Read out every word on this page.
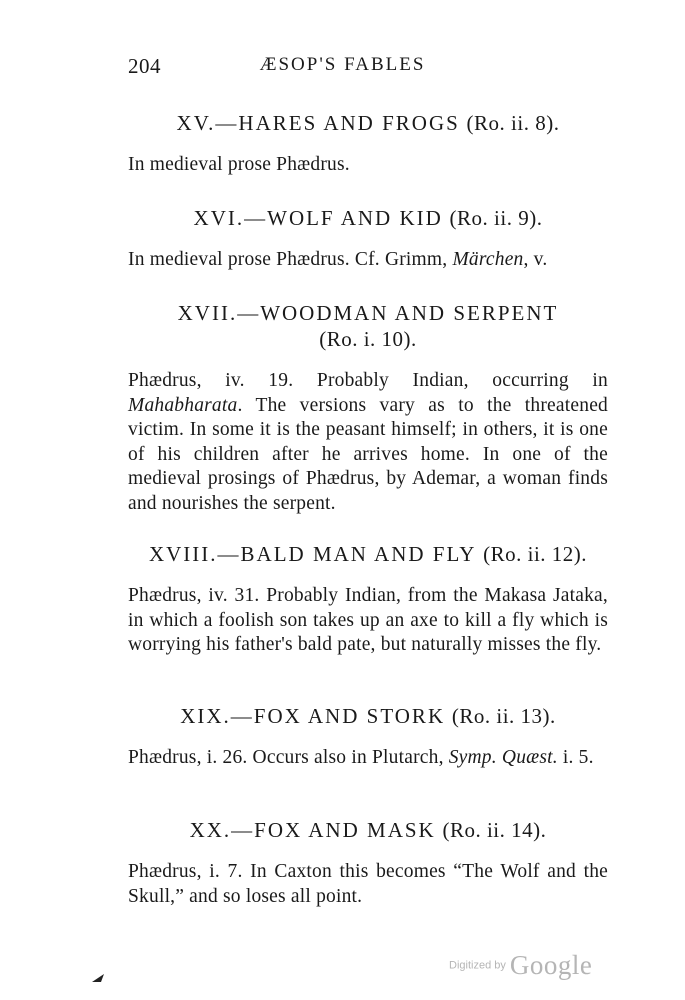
204	ÆSOP'S FABLES
XV.—HARES AND FROGS (Ro. ii. 8).

In medieval prose Phædrus.

XVI.—WOLF AND KID (Ro. ii. 9).

In medieval prose Phædrus. Cf. Grimm, Märchen, v.

XVII.—WOODMAN AND SERPENT
(Ro. i. 10).

Phædrus, iv. 19. Probably Indian, occurring in Mahabharata. The versions vary as to the threatened victim. In some it is the peasant himself; in others, it is one of his children after he arrives home. In one of the medieval prosings of Phædrus, by Ademar, a woman finds and nourishes the serpent.

XVIII.—BALD MAN AND FLY (Ro. ii. 12).

Phædrus, iv. 31. Probably Indian, from the Makasa Jataka, in which a foolish son takes up an axe to kill a fly which is worrying his father's bald pate, but naturally misses the fly.

XIX.—FOX AND STORK (Ro. ii. 13).

Phædrus, i. 26. Occurs also in Plutarch, Symp. Quæst. i. 5.

XX.—FOX AND MASK (Ro. ii. 14).

Phædrus, i. 7. In Caxton this becomes “The Wolf and the Skull,” and so loses all point.

Digitized by Google
